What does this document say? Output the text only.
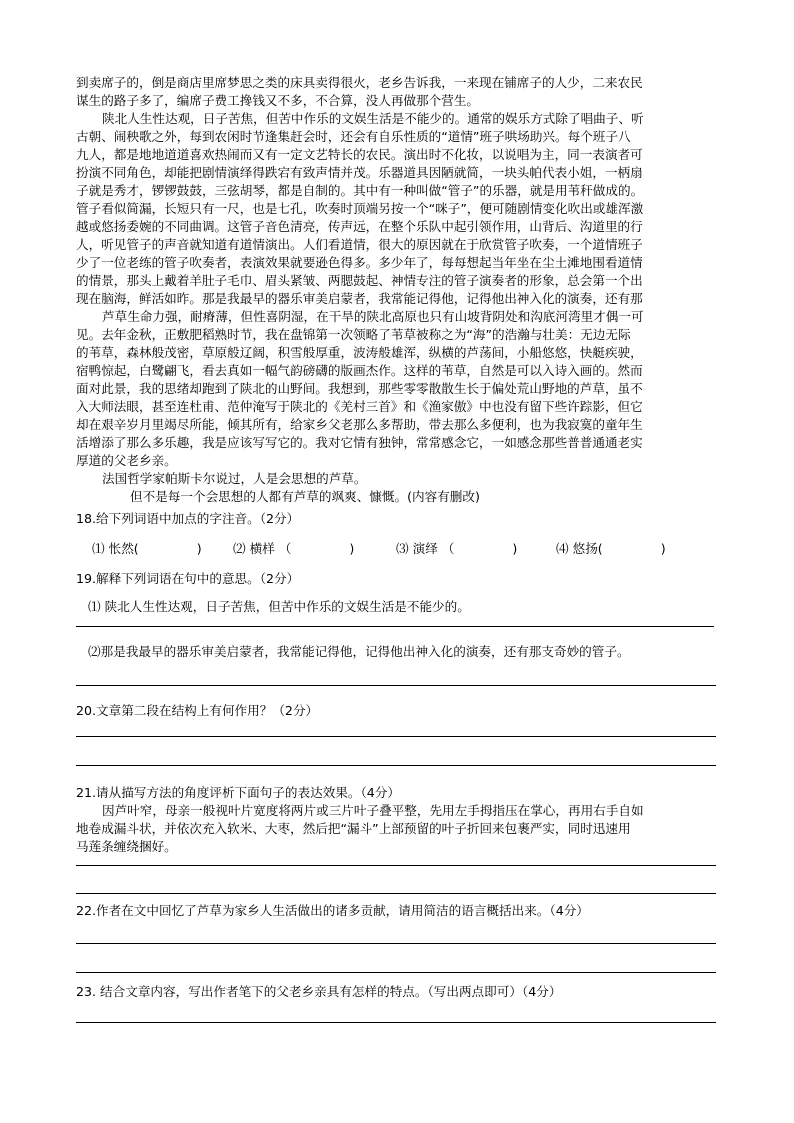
到卖席子的，倒是商店里席梦思之类的床具卖得很火，老乡告诉我，一来现在铺席子的人少，二来农民
谋生的路子多了，编席子费工搀钱又不多，不合算，没人再做那个营生。
陕北人生性达观，日子苦焦，但苦中作乐的文娱生活是不能少的。通常的娱乐方式除了唱曲子、听
古朝、闹秧歌之外，每到农闲时节逢集赶会时，还会有自乐性质的“道情”班子哄场助兴。每个班子八
九人，都是地地道道喜欢热闹而又有一定文艺特长的农民。演出时不化妆，以说唱为主，同一表演者可
扮演不同角色，却能把剧情演绎得跌宕有致声情并茂。乐器道具因陋就简，一块头帕代表小姐，一柄扇
子就是秀才，锣锣鼓鼓，三弦胡琴，都是自制的。其中有一种叫做“管子”的乐器，就是用苇秆做成的。
管子看似简漏，长短只有一尺，也是七孔，吹奏时顶端另按一个“咪子”，便可随剧情变化吹出或雄浑激
越或悠扬委婉的不同曲调。这管子音色清亮，传声远，在整个乐队中起引领作用，山背后、沟道里的行
人，听见管子的声音就知道有道情演出。人们看道情，很大的原因就在于欣赏管子吹奏，一个道情班子
少了一位老练的管子吹奏者，表演效果就要逊色得多。多少年了，每每想起当年坐在尘土滩地围看道情
的情景，那头上戴着羊肚子毛巾、眉头紧皱、两腮鼓起、神情专注的管子演奏者的形象，总会第一个出
现在脑海，鲜活如昨。那是我最早的器乐审美启蒙者，我常能记得他，记得他出神入化的演奏，还有那
芦草生命力强，耐瘠薄，但性喜阴湿，在干旱的陕北高原也只有山坡背阴处和沟底河湾里才偶一可
见。去年金秋，正敷肥稻熟时节，我在盘锦第一次领略了苇草被称之为“海”的浩瀚与壮美：无边无际
的苇草，森林般茂密，草原般辽阔，积雪般厚重，波涛般雄浑，纵横的芦荡间，小船悠悠，快艇疾驶，
宿鸭惊起，白鹭翩飞，看去真如一幅气韵磅礴的版画杰作。这样的苇草，自然是可以入诗入画的。然而
面对此景，我的思绪却跑到了陕北的山野间。我想到，那些零零散散生长于偏处荒山野地的芦草，虽不
入大师法眼，甚至连杜甫、范仲淹写于陕北的《羌村三首》和《渔家傲》中也没有留下些许踪影，但它
却在艰辛岁月里竭尽所能，倾其所有，给家乡父老那么多帮助，带去那么多便利，也为我寂寞的童年生
活增添了那么多乐趣，我是应该写写它的。我对它情有独钟，常常感念它，一如感念那些普普通通老实
厚道的父老乡亲。
法国哲学家帕斯卡尔说过，人是会思想的芦草。
但不是每一个会思想的人都有芦草的飒爽、慷慨。(内容有删改)
18.给下列词语中加点的字注音。（2分）
⑴ 怅然(	) ⑵ 横样 （	)	⑶ 演绎 （	)	⑷ 悠扬(	)
19.解释下列词语在句中的意思。（2分）
⑴ 陕北人生性达观，日子苦焦，但苦中作乐的文娱生活是不能少的。
⑵那是我最早的器乐审美启蒙者，我常能记得他，记得他出神入化的演奏，还有那支奇妙的管子。
20.文章第二段在结构上有何作用？（2分）
21.请从描写方法的角度评析下面句子的表达效果。（4分）
因芦叶窄，母亲一般视叶片宽度将两片或三片叶子叠平整，先用左手拇指压在掌心，再用右手自如
地卷成漏斗状，并依次充入软米、大枣，然后把“漏斗”上部预留的叶子折回来包裹严实，同时迅速用
马莲条缠绕捆好。
22.作者在文中回忆了芦草为家乡人生活做出的诸多贡献，请用简洁的语言概括出来。（4分）
23. 结合文章内容，写出作者笔下的父老乡亲具有怎样的特点。（写出两点即可）（4分）
